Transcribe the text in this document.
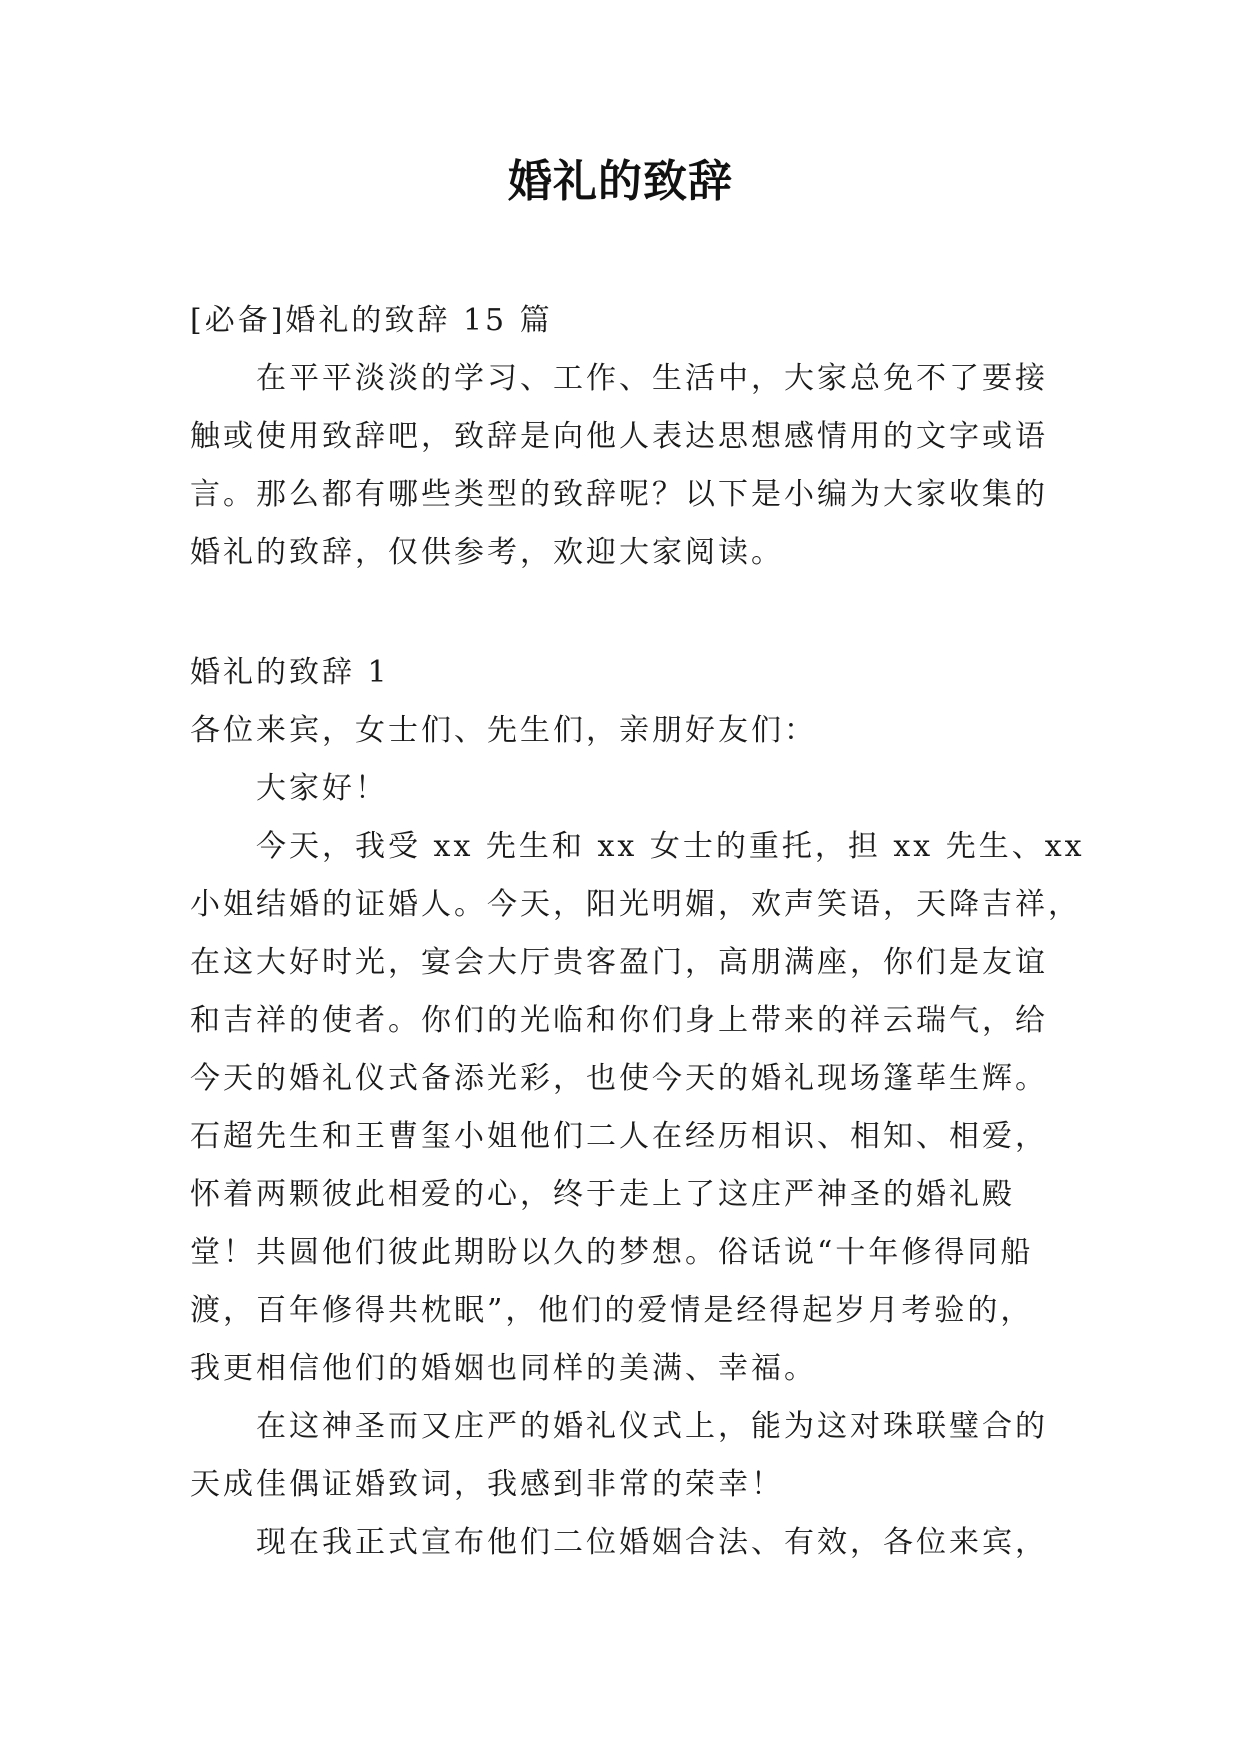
婚礼的致辞
[必备]婚礼的致辞 15 篇
在平平淡淡的学习、工作、生活中，大家总免不了要接
触或使用致辞吧，致辞是向他人表达思想感情用的文字或语
言。那么都有哪些类型的致辞呢？以下是小编为大家收集的
婚礼的致辞，仅供参考，欢迎大家阅读。
婚礼的致辞 1
各位来宾，女士们、先生们，亲朋好友们：
大家好！
今天，我受 xx 先生和 xx 女士的重托，担 xx 先生、xx
小姐结婚的证婚人。今天，阳光明媚，欢声笑语，天降吉祥，
在这大好时光，宴会大厅贵客盈门，高朋满座，你们是友谊
和吉祥的使者。你们的光临和你们身上带来的祥云瑞气，给
今天的婚礼仪式备添光彩，也使今天的婚礼现场篷荜生辉。
石超先生和王曹玺小姐他们二人在经历相识、相知、相爱，
怀着两颗彼此相爱的心，终于走上了这庄严神圣的婚礼殿
堂！共圆他们彼此期盼以久的梦想。俗话说“十年修得同船
渡，百年修得共枕眠”，他们的爱情是经得起岁月考验的，
我更相信他们的婚姻也同样的美满、幸福。
在这神圣而又庄严的婚礼仪式上，能为这对珠联璧合的
天成佳偶证婚致词，我感到非常的荣幸！
现在我正式宣布他们二位婚姻合法、有效，各位来宾，
